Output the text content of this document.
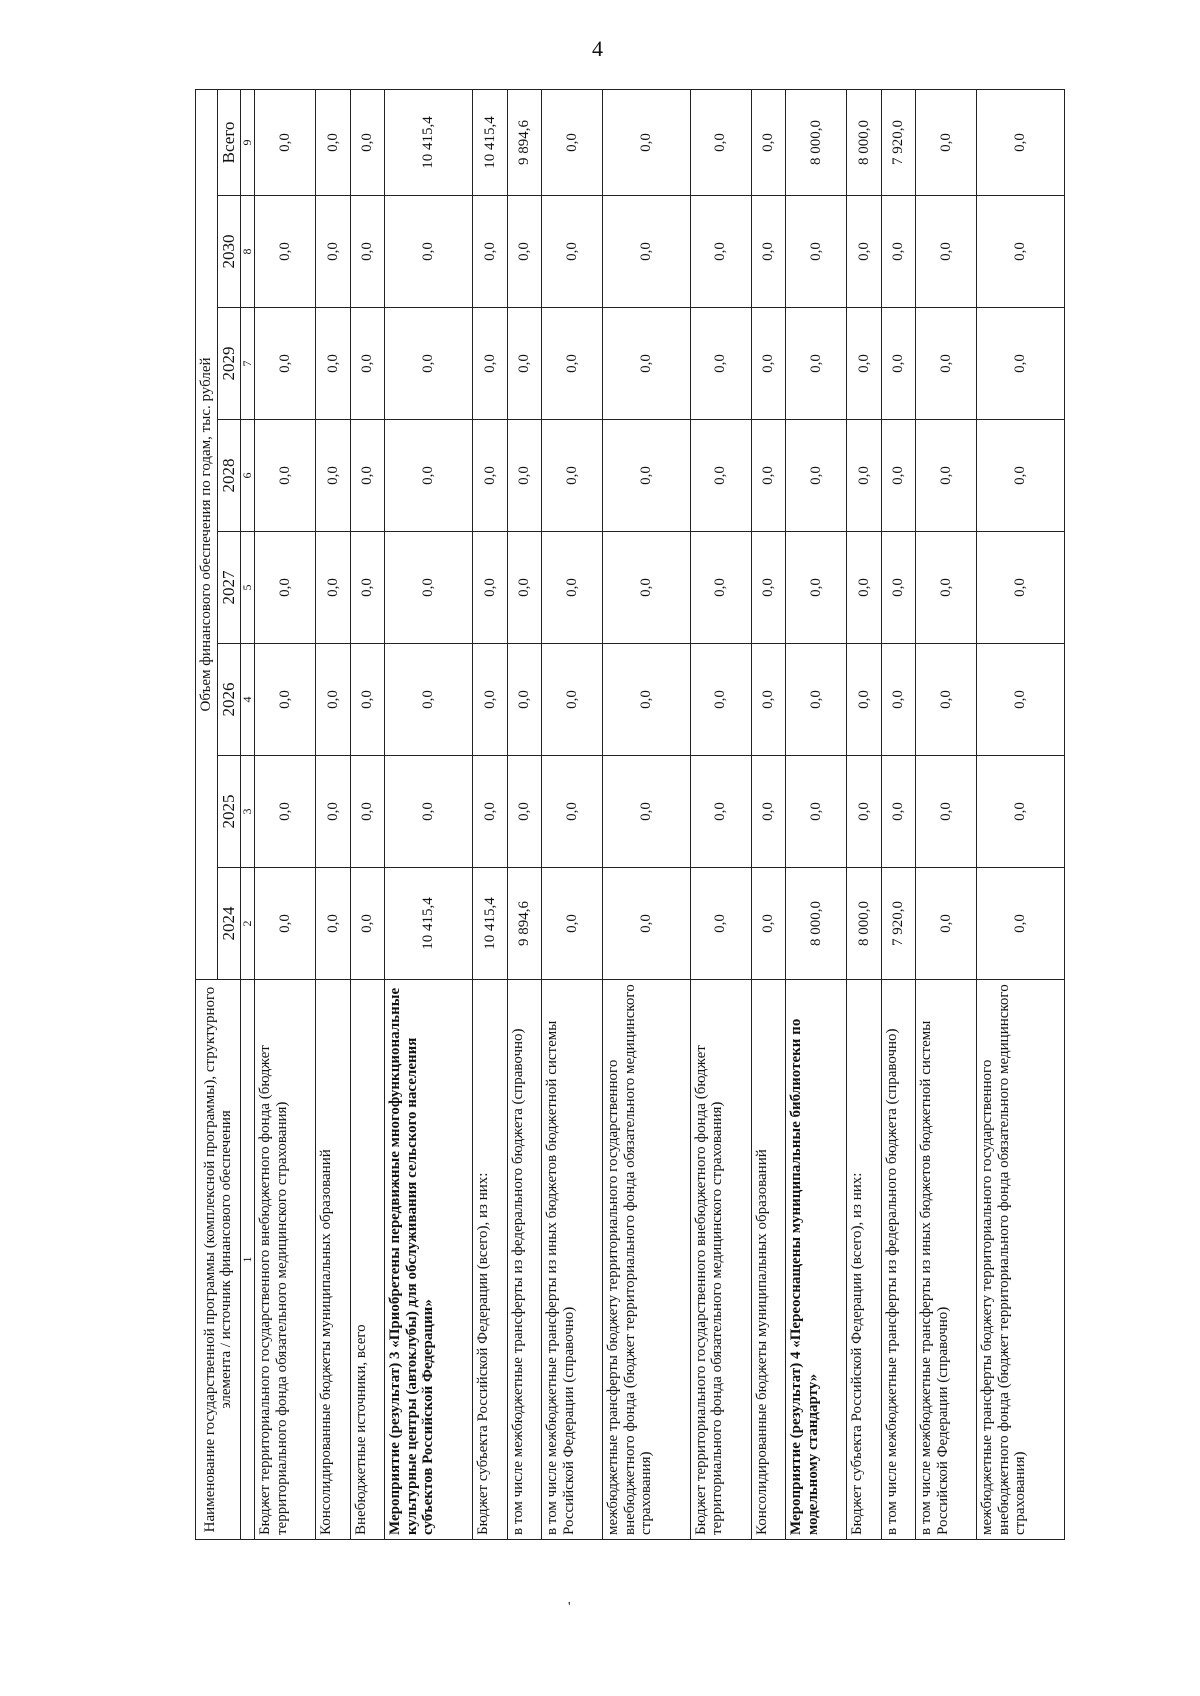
4
'
Наименование государственной программы (комплексной программы), структурного элемента / источник финансового обеспечения	Объем финансового обеспечения по годам, тыс. рублей							
	2024	2025	2026	2027	2028	2029	2030	Всего
1	2	3	4	5	6	7	8	9
Бюджет территориального государственного внебюджетного фонда (бюджет территориального фонда обязательного медицинского страхования)	0,0	0,0	0,0	0,0	0,0	0,0	0,0	0,0
Консолидированные бюджеты муниципальных образований	0,0	0,0	0,0	0,0	0,0	0,0	0,0	0,0
Внебюджетные источники, всего	0,0	0,0	0,0	0,0	0,0	0,0	0,0	0,0
Мероприятие (результат) 3 «Приобретены передвижные многофункциональные культурные центры (автоклубы) для обслуживания сельского населения субъектов Российской Федерации»	10 415,4	0,0	0,0	0,0	0,0	0,0	0,0	10 415,4
Бюджет субъекта Российской Федерации (всего), из них:	10 415,4	0,0	0,0	0,0	0,0	0,0	0,0	10 415,4
в том числе межбюджетные трансферты из федерального бюджета (справочно)	9 894,6	0,0	0,0	0,0	0,0	0,0	0,0	9 894,6
в том числе межбюджетные трансферты из иных бюджетов бюджетной системы Российской Федерации (справочно)	0,0	0,0	0,0	0,0	0,0	0,0	0,0	0,0
межбюджетные трансферты бюджету территориального государственного внебюджетного фонда (бюджет территориального фонда обязательного медицинского страхования)	0,0	0,0	0,0	0,0	0,0	0,0	0,0	0,0
Бюджет территориального государственного внебюджетного фонда (бюджет территориального фонда обязательного медицинского страхования)	0,0	0,0	0,0	0,0	0,0	0,0	0,0	0,0
Консолидированные бюджеты муниципальных образований	0,0	0,0	0,0	0,0	0,0	0,0	0,0	0,0
Мероприятие (результат) 4 «Переоснащены муниципальные библиотеки по модельному стандарту»	8 000,0	0,0	0,0	0,0	0,0	0,0	0,0	8 000,0
Бюджет субъекта Российской Федерации (всего), из них:	8 000,0	0,0	0,0	0,0	0,0	0,0	0,0	8 000,0
в том числе межбюджетные трансферты из федерального бюджета (справочно)	7 920,0	0,0	0,0	0,0	0,0	0,0	0,0	7 920,0
в том числе межбюджетные трансферты из иных бюджетов бюджетной системы Российской Федерации (справочно)	0,0	0,0	0,0	0,0	0,0	0,0	0,0	0,0
межбюджетные трансферты бюджету территориального государственного внебюджетного фонда (бюджет территориального фонда обязательного медицинского страхования)	0,0	0,0	0,0	0,0	0,0	0,0	0,0	0,0
